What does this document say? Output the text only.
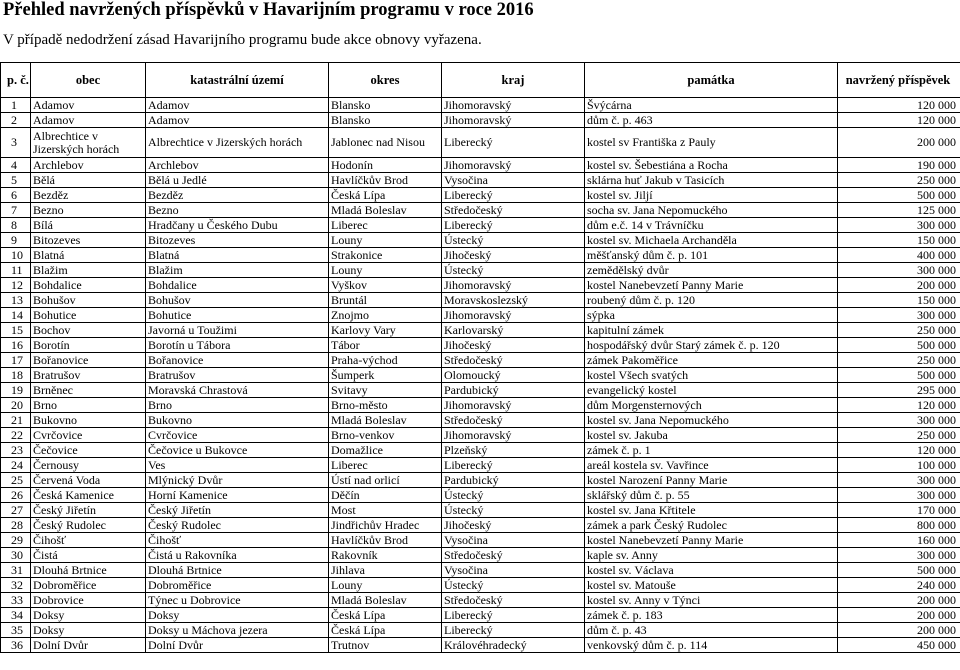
Přehled navržených příspěvků v Havarijním programu v roce 2016
V případě nedodržení zásad Havarijního programu bude akce obnovy vyřazena.
p. č.	obec	katastrální území	okres	kraj	památka	navržený příspěvek
1	Adamov	Adamov	Blansko	Jihomoravský	Švýcárna	120 000
2	Adamov	Adamov	Blansko	Jihomoravský	dům č. p. 463	120 000
3	Albrechtice v Jizerských horách	Albrechtice v Jizerských horách	Jablonec nad Nisou	Liberecký	kostel sv Františka z Pauly	200 000
4	Archlebov	Archlebov	Hodonín	Jihomoravský	kostel sv. Šebestiána a Rocha	190 000
5	Bělá	Bělá u Jedlé	Havlíčkův Brod	Vysočina	sklárna huť Jakub v Tasicích	250 000
6	Bezděz	Bezděz	Česká Lípa	Liberecký	kostel sv. Jiljí	500 000
7	Bezno	Bezno	Mladá Boleslav	Středočeský	socha sv. Jana Nepomuckého	125 000
8	Bílá	Hradčany u Českého Dubu	Liberec	Liberecký	dům e.č. 14 v Trávníčku	300 000
9	Bitozeves	Bitozeves	Louny	Ústecký	kostel sv. Michaela Archanděla	150 000
10	Blatná	Blatná	Strakonice	Jihočeský	měšťanský dům č. p. 101	400 000
11	Blažim	Blažim	Louny	Ústecký	zemědělský dvůr	300 000
12	Bohdalice	Bohdalice	Vyškov	Jihomoravský	kostel Nanebevzetí Panny Marie	200 000
13	Bohušov	Bohušov	Bruntál	Moravskoslezský	roubený dům č. p. 120	150 000
14	Bohutice	Bohutice	Znojmo	Jihomoravský	sýpka	300 000
15	Bochov	Javorná u Toužimi	Karlovy Vary	Karlovarský	kapitulní zámek	250 000
16	Borotín	Borotín u Tábora	Tábor	Jihočeský	hospodářský dvůr Starý zámek č. p. 120	500 000
17	Bořanovice	Bořanovice	Praha-východ	Středočeský	zámek Pakoměřice	250 000
18	Bratrušov	Bratrušov	Šumperk	Olomoucký	kostel Všech svatých	500 000
19	Brněnec	Moravská Chrastová	Svitavy	Pardubický	evangelický kostel	295 000
20	Brno	Brno	Brno-město	Jihomoravský	dům Morgensternových	120 000
21	Bukovno	Bukovno	Mladá Boleslav	Středočeský	kostel sv. Jana Nepomuckého	300 000
22	Cvrčovice	Cvrčovice	Brno-venkov	Jihomoravský	kostel sv. Jakuba	250 000
23	Čečovice	Čečovice u Bukovce	Domažlice	Plzeňský	zámek č. p. 1	120 000
24	Černousy	Ves	Liberec	Liberecký	areál kostela sv. Vavřince	100 000
25	Červená Voda	Mlýnický Dvůr	Ústí nad orlicí	Pardubický	kostel Narození Panny Marie	300 000
26	Česká Kamenice	Horní Kamenice	Děčín	Ústecký	sklářský dům č. p. 55	300 000
27	Český Jiřetín	Český Jiřetín	Most	Ústecký	kostel sv. Jana Křtitele	170 000
28	Český Rudolec	Český Rudolec	Jindřichův Hradec	Jihočeský	zámek a park Český Rudolec	800 000
29	Čihošť	Čihošť	Havlíčkův Brod	Vysočina	kostel Nanebevzetí Panny Marie	160 000
30	Čistá	Čistá u Rakovníka	Rakovník	Středočeský	kaple sv. Anny	300 000
31	Dlouhá Brtnice	Dlouhá Brtnice	Jihlava	Vysočina	kostel sv. Václava	500 000
32	Dobroměřice	Dobroměřice	Louny	Ústecký	kostel sv. Matouše	240 000
33	Dobrovice	Týnec u Dobrovice	Mladá Boleslav	Středočeský	kostel sv. Anny v Týnci	200 000
34	Doksy	Doksy	Česká Lípa	Liberecký	zámek č. p. 183	200 000
35	Doksy	Doksy u Máchova jezera	Česká Lípa	Liberecký	dům č. p. 43	200 000
36	Dolní Dvůr	Dolní Dvůr	Trutnov	Královéhradecký	venkovský dům č. p. 114	450 000
